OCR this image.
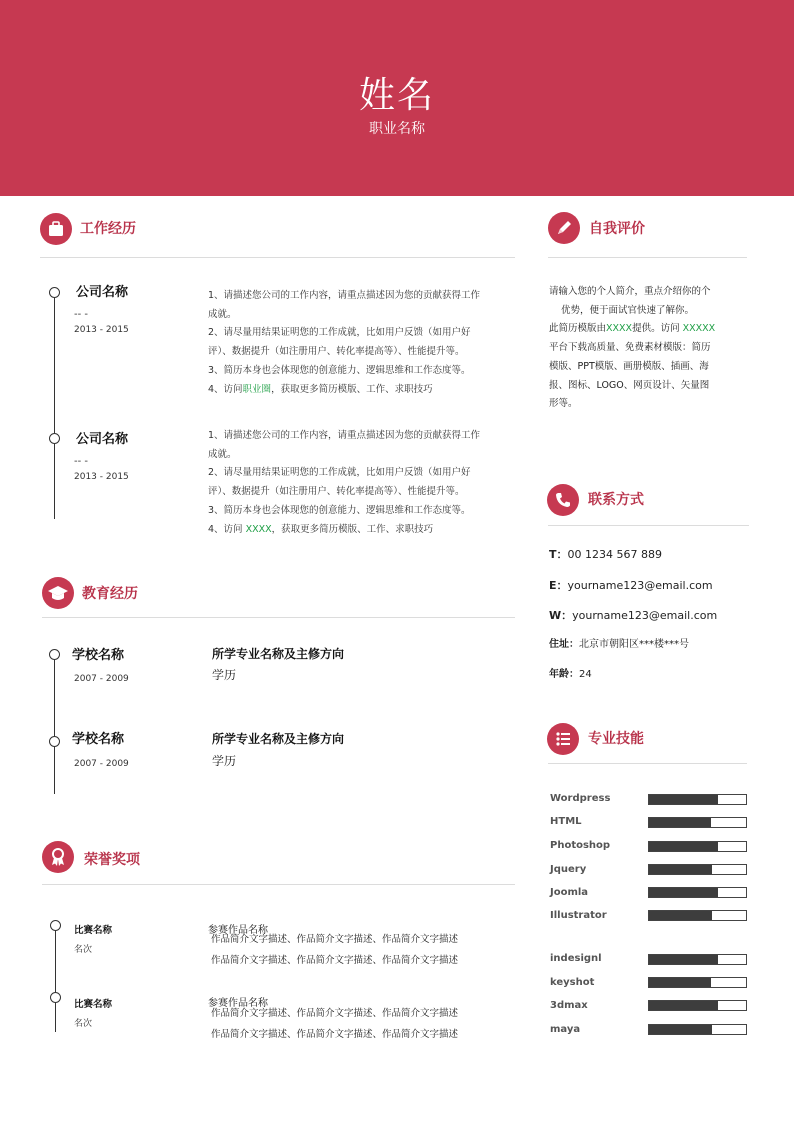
姓名
职业名称
工作经历
公司名称
-- -
2013 - 2015
1、请描述您公司的工作内容，请重点描述因为您的贡献获得工作
成就。
2、请尽量用结果证明您的工作成就，比如用户反馈（如用户好
评）、数据提升（如注册用户、转化率提高等）、性能提升等。
3、简历本身也会体现您的创意能力、逻辑思维和工作态度等。
4、访问职业圈，获取更多简历模版、工作、求职技巧
公司名称
-- -
2013 - 2015
1、请描述您公司的工作内容，请重点描述因为您的贡献获得工作
成就。
2、请尽量用结果证明您的工作成就，比如用户反馈（如用户好
评）、数据提升（如注册用户、转化率提高等）、性能提升等。
3、简历本身也会体现您的创意能力、逻辑思维和工作态度等。
4、访问 XXXX，获取更多简历模版、工作、求职技巧
教育经历
学校名称
2007 - 2009
所学专业名称及主修方向
学历
学校名称
2007 - 2009
所学专业名称及主修方向
学历
荣誉奖项
比赛名称
名次
参赛作品名称
作品简介文字描述、作品简介文字描述、作品简介文字描述
作品简介文字描述、作品简介文字描述、作品简介文字描述
比赛名称
名次
参赛作品名称
作品简介文字描述、作品简介文字描述、作品简介文字描述
作品简介文字描述、作品简介文字描述、作品简介文字描述
自我评价
请输入您的个人简介，重点介绍你的个
优势，便于面试官快速了解你。
此简历模版由XXXX提供。访问 XXXXX
平台下载高质量、免费素材模版：简历
模版、PPT模版、画册模版、插画、海
报、图标、LOGO、网页设计、矢量图
形等。
联系方式
T：00 1234 567 889
E：yourname123@email.com
W：yourname123@email.com
住址：北京市朝阳区***楼***号
年龄：24
专业技能
Wordpress
HTML
Photoshop
Jquery
Joomla
Illustrator
indesignl
keyshot
3dmax
maya
